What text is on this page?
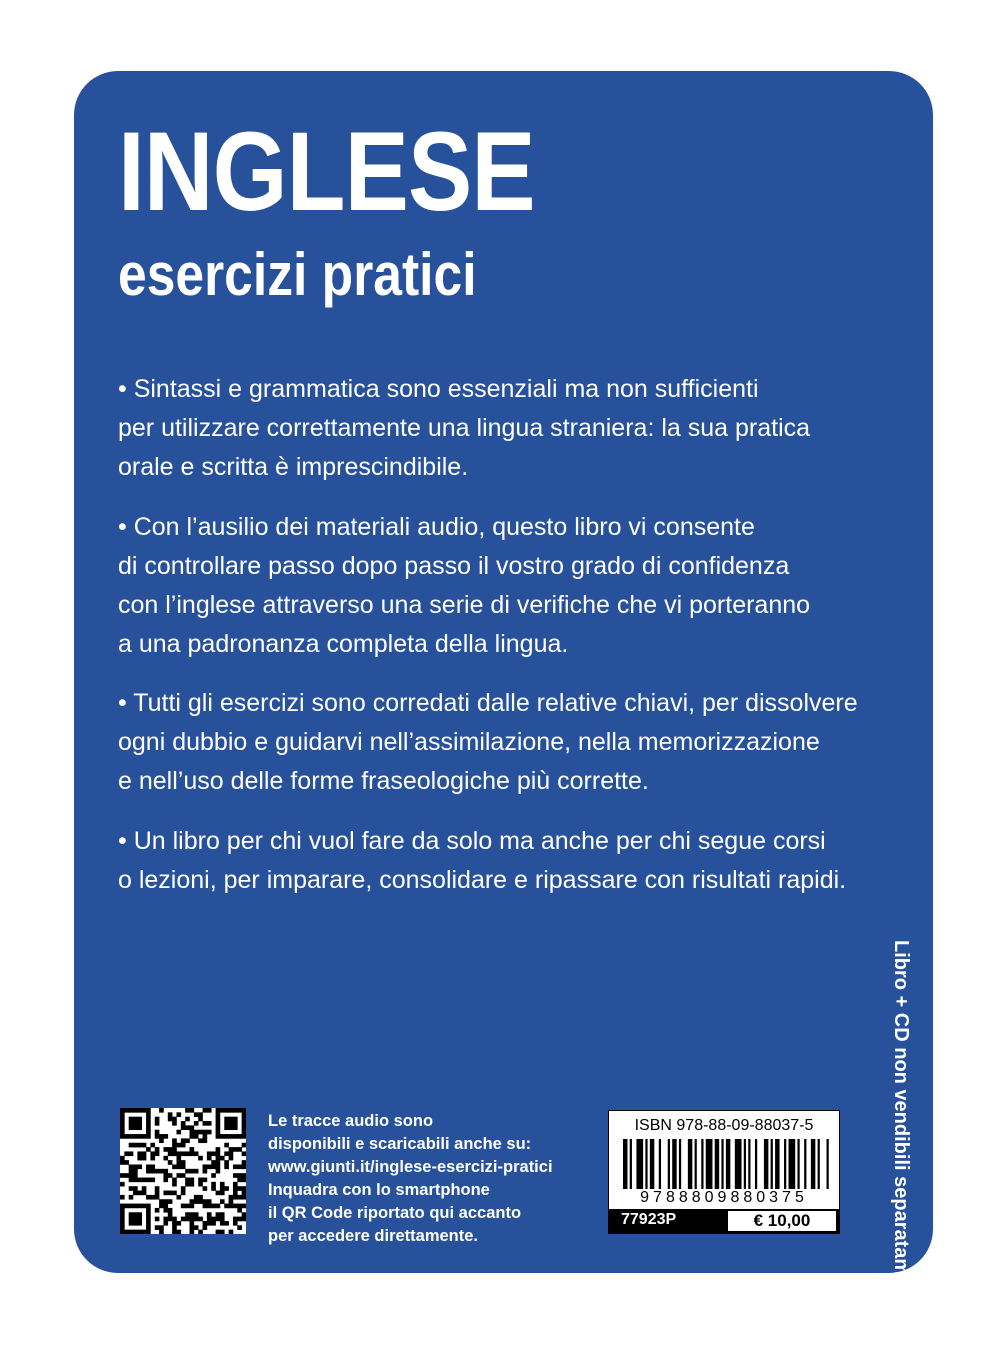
INGLESE
esercizi pratici
• Sintassi e grammatica sono essenziali ma non sufficienti
per utilizzare correttamente una lingua straniera: la sua pratica
orale e scritta è imprescindibile.
• Con l’ausilio dei materiali audio, questo libro vi consente
di controllare passo dopo passo il vostro grado di confidenza
con l’inglese attraverso una serie di verifiche che vi porteranno
a una padronanza completa della lingua.
• Tutti gli esercizi sono corredati dalle relative chiavi, per dissolvere
ogni dubbio e guidarvi nell’assimilazione, nella memorizzazione
e nell’uso delle forme fraseologiche più corrette.
• Un libro per chi vuol fare da solo ma anche per chi segue corsi
o lezioni, per imparare, consolidare e ripassare con risultati rapidi.
Libro + CD non vendibili separatamente
Le tracce audio sono
disponibili e scaricabili anche su:
www.giunti.it/inglese-esercizi-pratici
Inquadra con lo smartphone
il QR Code riportato qui accanto
per accedere direttamente.
ISBN 978-88-09-88037-5
9788809880375
77923P	€ 10,00
